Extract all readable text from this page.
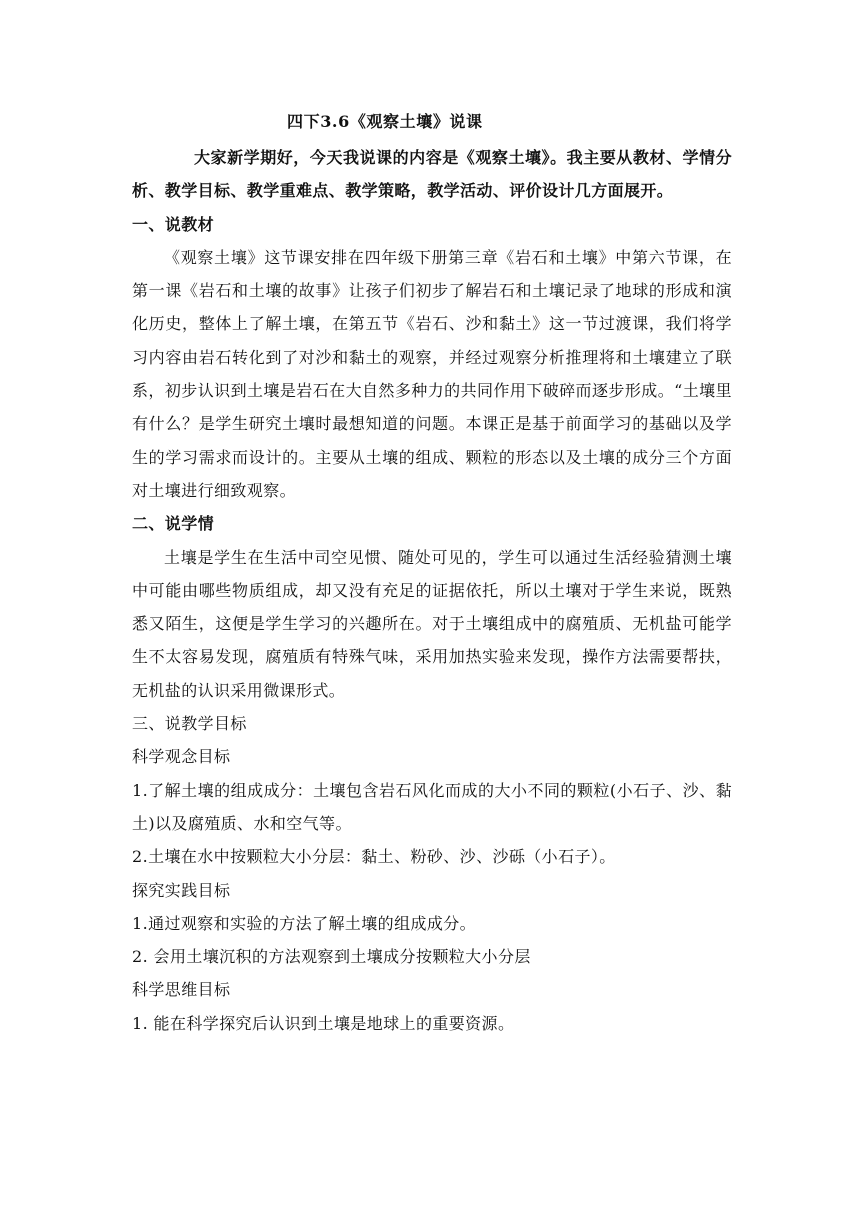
四下3.6《观察土壤》说课

大家新学期好，今天我说课的内容是《观察土壤》。我主要从教材、学情分析、教学目标、教学重难点、教学策略，教学活动、评价设计几方面展开。

一、说教材

《观察土壤》这节课安排在四年级下册第三章《岩石和土壤》中第六节课，在第一课《岩石和土壤的故事》让孩子们初步了解岩石和土壤记录了地球的形成和演化历史，整体上了解土壤，在第五节《岩石、沙和黏土》这一节过渡课，我们将学习内容由岩石转化到了对沙和黏土的观察，并经过观察分析推理将和土壤建立了联系，初步认识到土壤是岩石在大自然多种力的共同作用下破碎而逐步形成。“土壤里有什么？是学生研究土壤时最想知道的问题。本课正是基于前面学习的基础以及学生的学习需求而设计的。主要从土壤的组成、颗粒的形态以及土壤的成分三个方面对土壤进行细致观察。

二、说学情

土壤是学生在生活中司空见惯、随处可见的，学生可以通过生活经验猜测土壤中可能由哪些物质组成，却又没有充足的证据依托，所以土壤对于学生来说，既熟悉又陌生，这便是学生学习的兴趣所在。对于土壤组成中的腐殖质、无机盐可能学生不太容易发现，腐殖质有特殊气味，采用加热实验来发现，操作方法需要帮扶，无机盐的认识采用微课形式。

三、说教学目标

科学观念目标

1.了解土壤的组成成分：土壤包含岩石风化而成的大小不同的颗粒(小石子、沙、黏土)以及腐殖质、水和空气等。

2.土壤在水中按颗粒大小分层：黏土、粉砂、沙、沙砾（小石子）。

探究实践目标

1.通过观察和实验的方法了解土壤的组成成分。

2. 会用土壤沉积的方法观察到土壤成分按颗粒大小分层

科学思维目标

1. 能在科学探究后认识到土壤是地球上的重要资源。
